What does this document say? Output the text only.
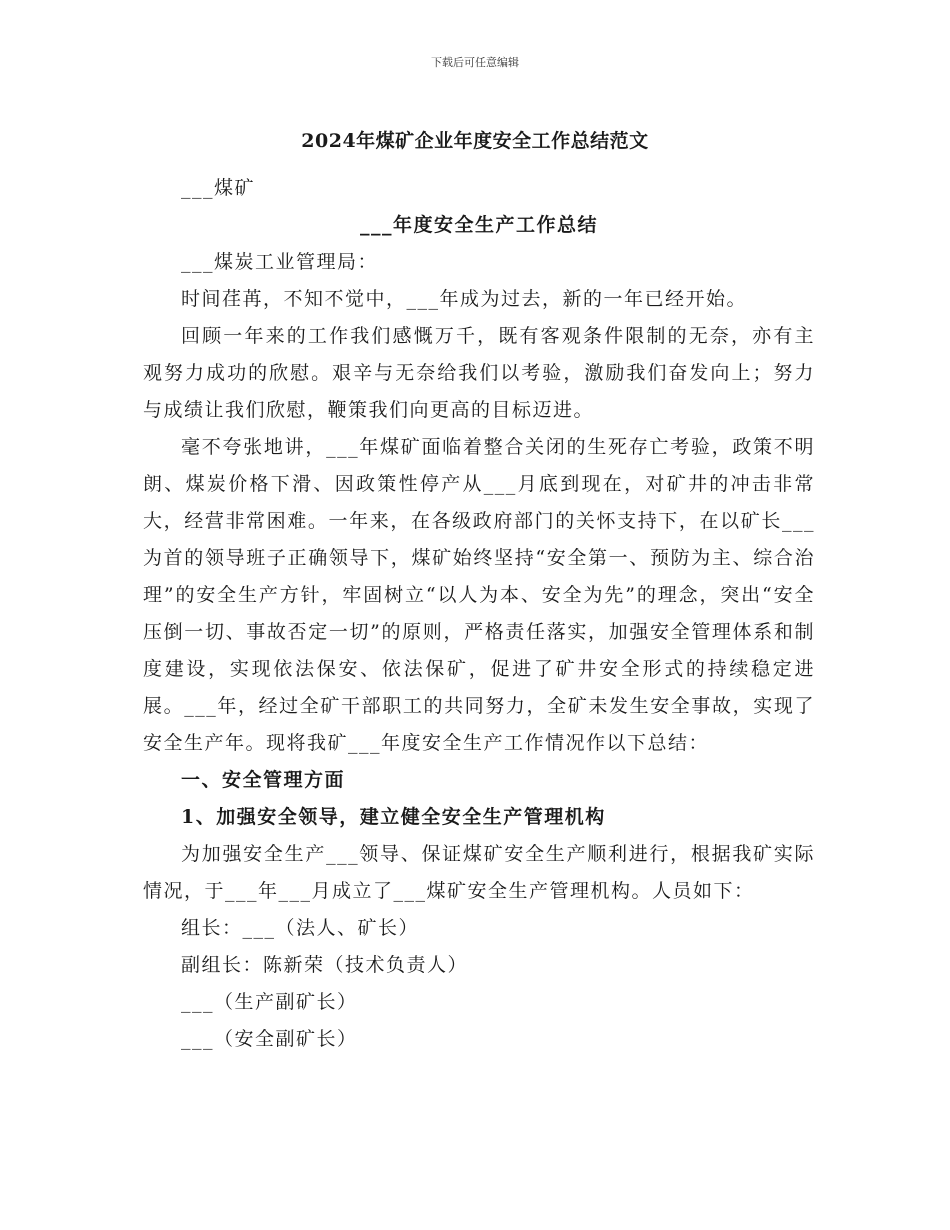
下载后可任意编辑
2024年煤矿企业年度安全工作总结范文

___煤矿

___年度安全生产工作总结

___煤炭工业管理局：

时间荏苒，不知不觉中，___年成为过去，新的一年已经开始。

回顾一年来的工作我们感慨万千，既有客观条件限制的无奈，亦有主观努力成功的欣慰。艰辛与无奈给我们以考验，激励我们奋发向上；努力与成绩让我们欣慰，鞭策我们向更高的目标迈进。

毫不夸张地讲，___年煤矿面临着整合关闭的生死存亡考验，政策不明朗、煤炭价格下滑、因政策性停产从___月底到现在，对矿井的冲击非常大，经营非常困难。一年来，在各级政府部门的关怀支持下，在以矿长___为首的领导班子正确领导下，煤矿始终坚持“安全第一、预防为主、综合治理”的安全生产方针，牢固树立“以人为本、安全为先”的理念，突出“安全压倒一切、事故否定一切”的原则，严格责任落实，加强安全管理体系和制度建设，实现依法保安、依法保矿，促进了矿井安全形式的持续稳定进展。___年，经过全矿干部职工的共同努力，全矿未发生安全事故，实现了安全生产年。现将我矿___年度安全生产工作情况作以下总结：

一、安全管理方面

1、加强安全领导，建立健全安全生产管理机构

为加强安全生产___领导、保证煤矿安全生产顺利进行，根据我矿实际情况，于___年___月成立了___煤矿安全生产管理机构。人员如下：

组长：___（法人、矿长）

副组长：陈新荣（技术负责人）

___（生产副矿长）

___（安全副矿长）
